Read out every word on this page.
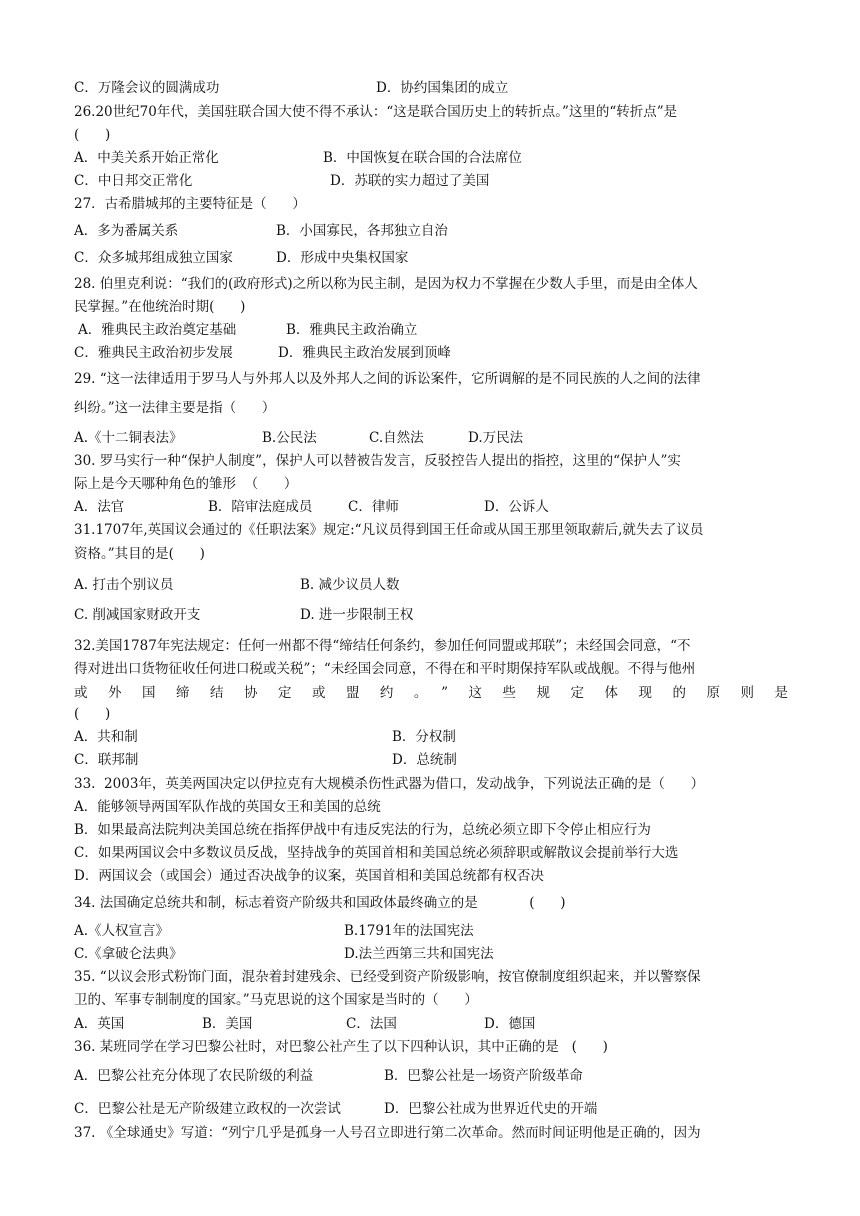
C．万隆会议的圆满成功	D．协约国集团的成立
26.20世纪70年代，美国驻联合国大使不得不承认：“这是联合国历史上的转折点。”这里的“转折点”是
(      )
A．中美关系开始正常化	B．中国恢复在联合国的合法席位
C．中日邦交正常化	D．苏联的实力超过了美国
27．古希腊城邦的主要特征是（      ）
A．多为番属关系	B．小国寡民，各邦独立自治
C．众多城邦组成独立国家	D．形成中央集权国家
28. 伯里克利说：“我们的(政府形式)之所以称为民主制，是因为权力不掌握在少数人手里，而是由全体人
民掌握。”在他统治时期(      )
A．雅典民主政治奠定基础	B．雅典民主政治确立
C．雅典民主政治初步发展	D．雅典民主政治发展到顶峰
29. “这一法律适用于罗马人与外邦人以及外邦人之间的诉讼案件，它所调解的是不同民族的人之间的法律
纠纷。”这一法律主要是指（      ）
A.《十二铜表法》	B.公民法	C.自然法	D.万民法
30. 罗马实行一种“保护人制度”，保护人可以替被告发言，反驳控告人提出的指控，这里的“保护人”实
际上是今天哪种角色的雏形  （      ）
A．法官	B．陪审法庭成员	C．律师	D．公诉人
31.1707年,英国议会通过的《任职法案》规定:“凡议员得到国王任命或从国王那里领取薪后,就失去了议员
资格。”其目的是(      )
A. 打击个别议员	B. 减少议员人数
C. 削减国家财政开支	D. 进一步限制王权
32.美国1787年宪法规定：任何一州都不得“缔结任何条约，参加任何同盟或邦联”；未经国会同意，“不
得对进出口货物征收任何进口税或关税”；“未经国会同意，不得在和平时期保持军队或战舰。不得与他州
或外国缔结协定或盟约。”这些规定体现的原则是
(      )
A．共和制	B．分权制
C．联邦制	D．总统制
33.  2003年，英美两国决定以伊拉克有大规模杀伤性武器为借口，发动战争，下列说法正确的是（      ）
A．能够领导两国军队作战的英国女王和美国的总统
B．如果最高法院判决美国总统在指挥伊战中有违反宪法的行为，总统必须立即下令停止相应行为
C．如果两国议会中多数议员反战，坚持战争的英国首相和美国总统必须辞职或解散议会提前举行大选
D．两国议会（或国会）通过否决战争的议案，英国首相和美国总统都有权否决
34. 法国确定总统共和制，标志着资产阶级共和国政体最终确立的是            (      )
A.《人权宣言》	B.1791年的法国宪法
C.《拿破仑法典》	D.法兰西第三共和国宪法
35. “以议会形式粉饰门面，混杂着封建残余、已经受到资产阶级影响，按官僚制度组织起来，并以警察保
卫的、军事专制制度的国家。”马克思说的这个国家是当时的（      ）
A．英国	B．美国	C．法国	D．德国
36. 某班同学在学习巴黎公社时，对巴黎公社产生了以下四种认识，其中正确的是   (      )
A．巴黎公社充分体现了农民阶级的利益	B．巴黎公社是一场资产阶级革命
C．巴黎公社是无产阶级建立政权的一次尝试	D．巴黎公社成为世界近代史的开端
37. 《全球通史》写道：“列宁几乎是孤身一人号召立即进行第二次革命。然而时间证明他是正确的，因为
